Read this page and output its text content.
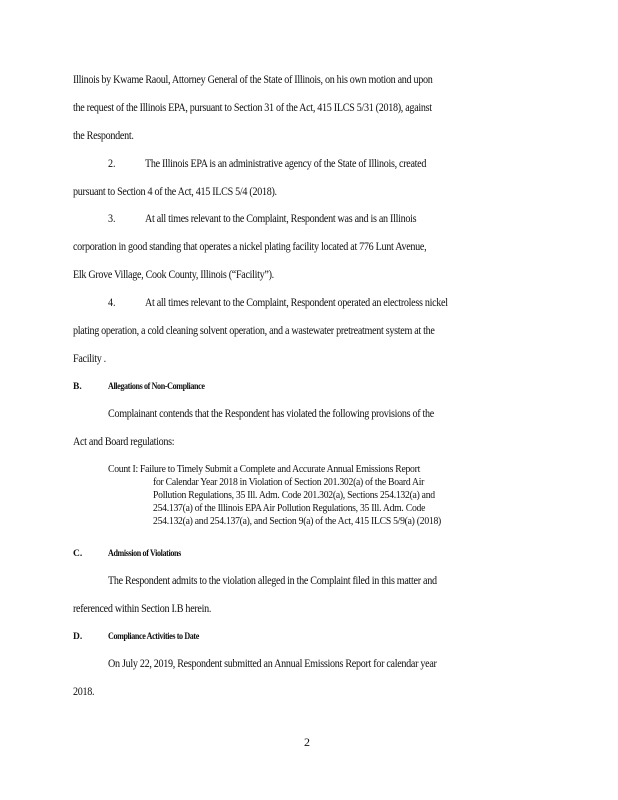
Illinois by Kwame Raoul, Attorney General of the State of Illinois, on his own motion and upon
the request of the Illinois EPA, pursuant to Section 31 of the Act, 415 ILCS 5/31 (2018), against
the Respondent.
2.	The Illinois EPA is an administrative agency of the State of Illinois, created
pursuant to Section 4 of the Act, 415 ILCS 5/4 (2018).
3.	At all times relevant to the Complaint, Respondent was and is an Illinois
corporation in good standing that operates a nickel plating facility located at 776 Lunt Avenue,
Elk Grove Village, Cook County, Illinois (“Facility”).
4.	At all times relevant to the Complaint, Respondent operated an electroless nickel
plating operation, a cold cleaning solvent operation, and a wastewater pretreatment system at the
Facility .
B.	Allegations of Non-Compliance
Complainant contends that the Respondent has violated the following provisions of the
Act and Board regulations:
Count I: Failure to Timely Submit a Complete and Accurate Annual Emissions Report
for Calendar Year 2018 in Violation of Section 201.302(a) of the Board Air
Pollution Regulations, 35 Ill. Adm. Code 201.302(a), Sections 254.132(a) and
254.137(a) of the Illinois EPA Air Pollution Regulations, 35 Ill. Adm. Code
254.132(a) and 254.137(a), and Section 9(a) of the Act, 415 ILCS 5/9(a) (2018)
C.	Admission of Violations
The Respondent admits to the violation alleged in the Complaint filed in this matter and
referenced within Section I.B herein.
D.	Compliance Activities to Date
On July 22, 2019, Respondent submitted an Annual Emissions Report for calendar year
2018.
2
